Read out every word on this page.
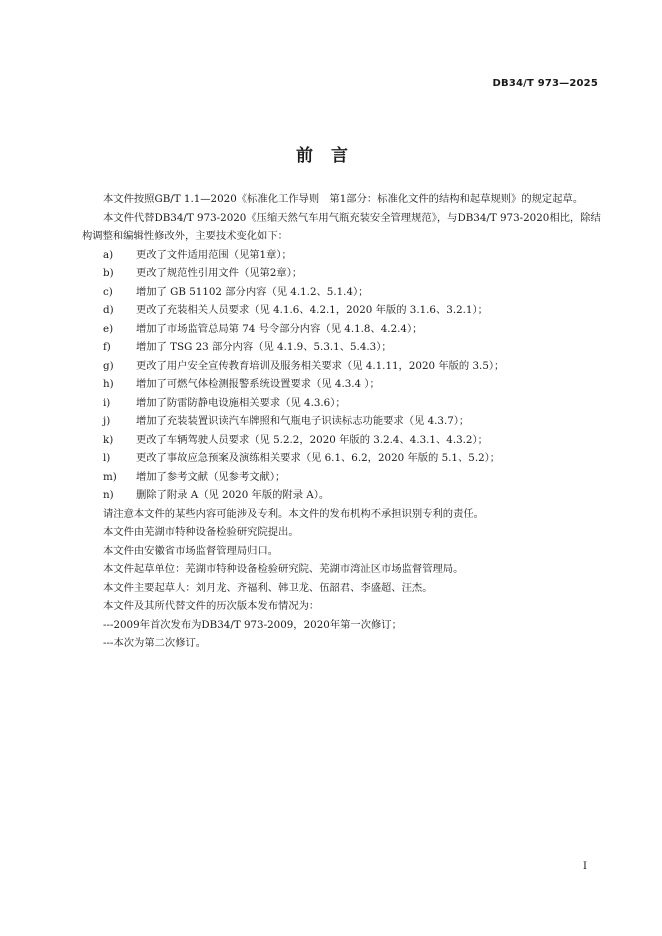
DB34/T 973—2025
前言

本文件按照GB/T 1.1—2020《标准化工作导则　第1部分：标准化文件的结构和起草规则》的规定起草。

本文件代替DB34/T 973-2020《压缩天然气车用气瓶充装安全管理规范》，与DB34/T 973-2020相比，除结构调整和编辑性修改外，主要技术变化如下：

a)	更改了文件适用范围（见第1章）；
b)	更改了规范性引用文件（见第2章）；
c)	增加了 GB 51102 部分内容（见 4.1.2、5.1.4）；
d)	更改了充装相关人员要求（见 4.1.6、4.2.1，2020 年版的 3.1.6、3.2.1）；
e)	增加了市场监管总局第 74 号令部分内容（见 4.1.8、4.2.4）；
f)	增加了 TSG 23 部分内容（见 4.1.9、5.3.1、5.4.3）；
g)	更改了用户安全宣传教育培训及服务相关要求（见 4.1.11，2020 年版的 3.5）；
h)	增加了可燃气体检测报警系统设置要求（见 4.3.4 ）；
i)	增加了防雷防静电设施相关要求（见 4.3.6）；
j)	增加了充装装置识读汽车牌照和气瓶电子识读标志功能要求（见 4.3.7）；
k)	更改了车辆驾驶人员要求（见 5.2.2，2020 年版的 3.2.4、4.3.1、4.3.2）；
l)	更改了事故应急预案及演练相关要求（见 6.1、6.2，2020 年版的 5.1、5.2）；
m)	增加了参考文献（见参考文献）；
n)	删除了附录 A（见 2020 年版的附录 A）。

请注意本文件的某些内容可能涉及专利。本文件的发布机构不承担识别专利的责任。

本文件由芜湖市特种设备检验研究院提出。

本文件由安徽省市场监督管理局归口。

本文件起草单位：芜湖市特种设备检验研究院、芜湖市湾沚区市场监督管理局。

本文件主要起草人：刘月龙、齐福利、韩卫龙、伍韶君、李盛超、汪杰。

本文件及其所代替文件的历次版本发布情况为：

---2009年首次发布为DB34/T 973-2009，2020年第一次修订；

---本次为第二次修订。

I
